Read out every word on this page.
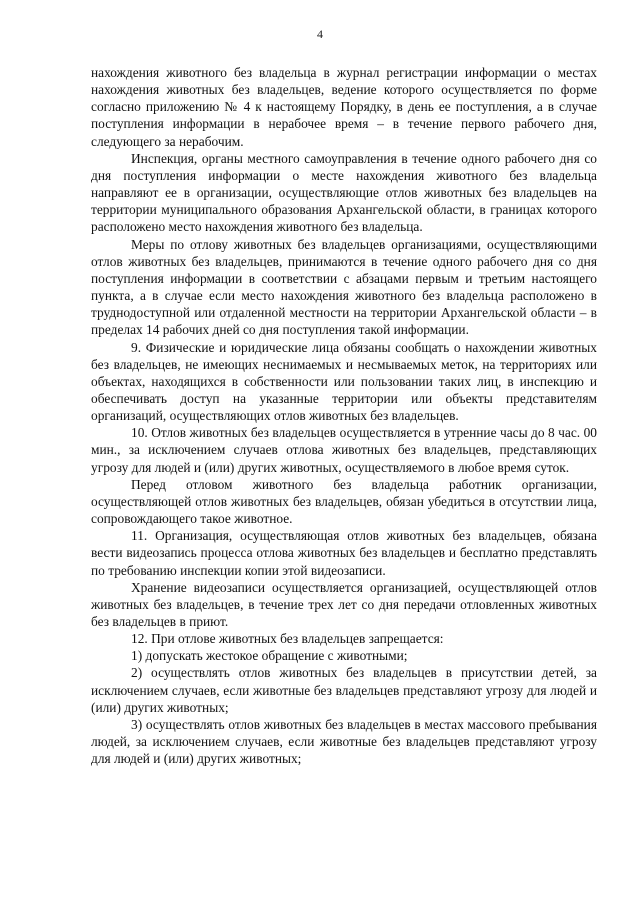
4

нахождения животного без владельца в журнал регистрации информации о местах нахождения животных без владельцев, ведение которого осуществляется по форме согласно приложению № 4 к настоящему Порядку, в день ее поступления, а в случае поступления информации в нерабочее время – в течение первого рабочего дня, следующего за нерабочим.

Инспекция, органы местного самоуправления в течение одного рабочего дня со дня поступления информации о месте нахождения животного без владельца направляют ее в организации, осуществляющие отлов животных без владельцев на территории муниципального образования Архангельской области, в границах которого расположено место нахождения животного без владельца.

Меры по отлову животных без владельцев организациями, осуществляющими отлов животных без владельцев, принимаются в течение одного рабочего дня со дня поступления информации в соответствии с абзацами первым и третьим настоящего пункта, а в случае если место нахождения животного без владельца расположено в труднодоступной или отдаленной местности на территории Архангельской области – в пределах 14 рабочих дней со дня поступления такой информации.

9. Физические и юридические лица обязаны сообщать о нахождении животных без владельцев, не имеющих неснимаемых и несмываемых меток, на территориях или объектах, находящихся в собственности или пользовании таких лиц, в инспекцию и обеспечивать доступ на указанные территории или объекты представителям организаций, осуществляющих отлов животных без владельцев.

10. Отлов животных без владельцев осуществляется в утренние часы до 8 час. 00 мин., за исключением случаев отлова животных без владельцев, представляющих угрозу для людей и (или) других животных, осуществляемого в любое время суток.

Перед отловом животного без владельца работник организации, осуществляющей отлов животных без владельцев, обязан убедиться в отсутствии лица, сопровождающего такое животное.

11. Организация, осуществляющая отлов животных без владельцев, обязана вести видеозапись процесса отлова животных без владельцев и бесплатно представлять по требованию инспекции копии этой видеозаписи.

Хранение видеозаписи осуществляется организацией, осуществляющей отлов животных без владельцев, в течение трех лет со дня передачи отловленных животных без владельцев в приют.

12. При отлове животных без владельцев запрещается:

1) допускать жестокое обращение с животными;

2) осуществлять отлов животных без владельцев в присутствии детей, за исключением случаев, если животные без владельцев представляют угрозу для людей и (или) других животных;

3) осуществлять отлов животных без владельцев в местах массового пребывания людей, за исключением случаев, если животные без владельцев представляют угрозу для людей и (или) других животных;
